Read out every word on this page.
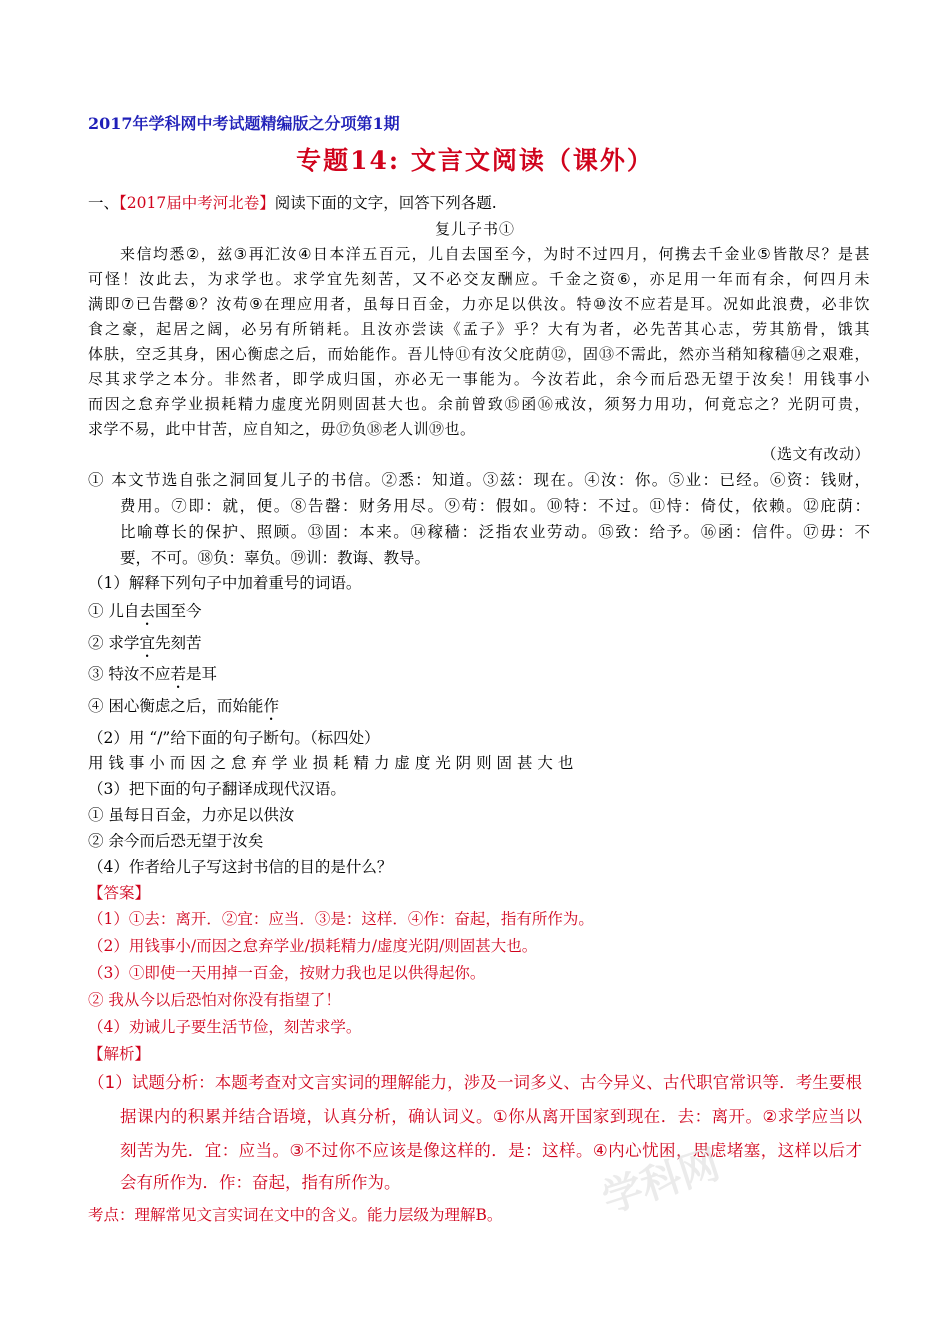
2017年学科网中考试题精编版之分项第1期
专题14: 文言文阅读（课外）
一、【2017届中考河北卷】阅读下面的文字，回答下列各题.
复儿子书①
来信均悉②，兹③再汇汝④日本洋五百元，儿自去国至今，为时不过四月，何携去千金业⑤皆散尽？是甚
可怪！汝此去，为求学也。求学宜先刻苦，又不必交友酬应。千金之资⑥，亦足用一年而有余，何四月未
满即⑦已告罄⑧？汝苟⑨在理应用者，虽每日百金，力亦足以供汝。特⑩汝不应若是耳。况如此浪费，必非饮
食之豪，起居之阔，必另有所销耗。且汝亦尝读《孟子》乎？大有为者，必先苦其心志，劳其筋骨，饿其
体肤，空乏其身，困心衡虑之后，而始能作。吾儿恃⑪有汝父庇荫⑫，固⑬不需此，然亦当稍知稼穑⑭之艰难，
尽其求学之本分。非然者，即学成归国，亦必无一事能为。今汝若此，余今而后恐无望于汝矣！用钱事小
而因之怠弃学业损耗精力虚度光阴则固甚大也。余前曾致⑮函⑯戒汝，须努力用功，何竟忘之？光阴可贵，
求学不易，此中甘苦，应自知之，毋⑰负⑱老人训⑲也。
（选文有改动）
① 本文节选自张之洞回复儿子的书信。②悉：知道。③兹：现在。④汝：你。⑤业：已经。⑥资：钱财，
费用。⑦即：就，便。⑧告罄：财务用尽。⑨苟：假如。⑩特：不过。⑪恃：倚仗，依赖。⑫庇荫：
比喻尊长的保护、照顾。⑬固：本来。⑭稼穑：泛指农业劳动。⑮致：给予。⑯函：信件。⑰毋：不
要，不可。⑱负：辜负。⑲训：教诲、教导。
（1）解释下列句子中加着重号的词语。
① 儿自去国至今
② 求学宜先刻苦
③ 特汝不应若是耳
④ 困心衡虑之后，而始能作
（2）用 “/”给下面的句子断句。（标四处）
用 钱 事 小 而 因 之 怠 弃 学 业 损 耗 精 力 虚 度 光 阴 则 固 甚 大 也
（3）把下面的句子翻译成现代汉语。
① 虽每日百金，力亦足以供汝
② 余今而后恐无望于汝矣
（4）作者给儿子写这封书信的目的是什么？
【答案】
（1）①去：离开．②宜：应当．③是：这样．④作：奋起，指有所作为。
（2）用钱事小/而因之怠弃学业/损耗精力/虚度光阴/则固甚大也。
（3）①即使一天用掉一百金，按财力我也足以供得起你。
② 我从今以后恐怕对你没有指望了！
（4）劝诫儿子要生活节俭，刻苦求学。
【解析】
（1）试题分析：本题考查对文言实词的理解能力，涉及一词多义、古今异义、古代职官常识等．考生要根
据课内的积累并结合语境，认真分析，确认词义。①你从离开国家到现在．去：离开。②求学应当以
刻苦为先．宜：应当。③不过你不应该是像这样的．是：这样。④内心忧困，思虑堵塞，这样以后才
会有所作为．作：奋起，指有所作为。
考点：理解常见文言实词在文中的含义。能力层级为理解B。 学科网
